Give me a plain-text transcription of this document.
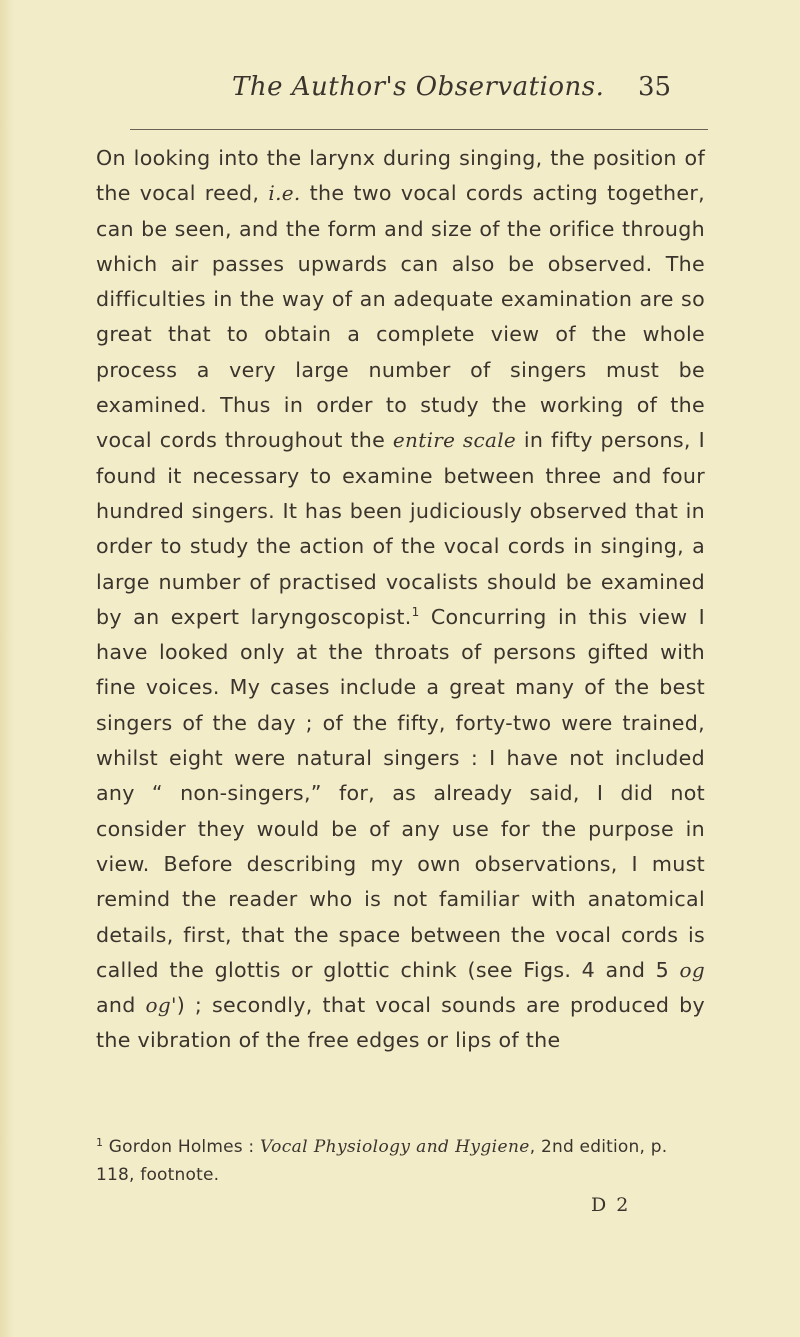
The Author's Observations. 35

On looking into the larynx during singing, the position of the vocal reed, i.e. the two vocal cords acting together, can be seen, and the form and size of the orifice through which air passes upwards can also be observed. The difficulties in the way of an adequate examination are so great that to obtain a complete view of the whole process a very large number of singers must be examined. Thus in order to study the working of the vocal cords throughout the entire scale in fifty persons, I found it necessary to examine between three and four hundred singers. It has been judiciously observed that in order to study the action of the vocal cords in singing, a large number of practised vocalists should be examined by an expert laryngoscopist.$^1$ Concurring in this view I have looked only at the throats of persons gifted with fine voices. My cases include a great many of the best singers of the day ; of the fifty, forty-two were trained, whilst eight were natural singers : I have not included any “ non-singers,” for, as already said, I did not consider they would be of any use for the purpose in view. Before describing my own observations, I must remind the reader who is not familiar with anatomical details, first, that the space between the vocal cords is called the glottis or glottic chink (see Figs. 4 and 5 og and og') ; secondly, that vocal sounds are produced by the vibration of the free edges or lips of the

$^1$ Gordon Holmes : Vocal Physiology and Hygiene, 2nd edition, p. 118, footnote.

D 2
